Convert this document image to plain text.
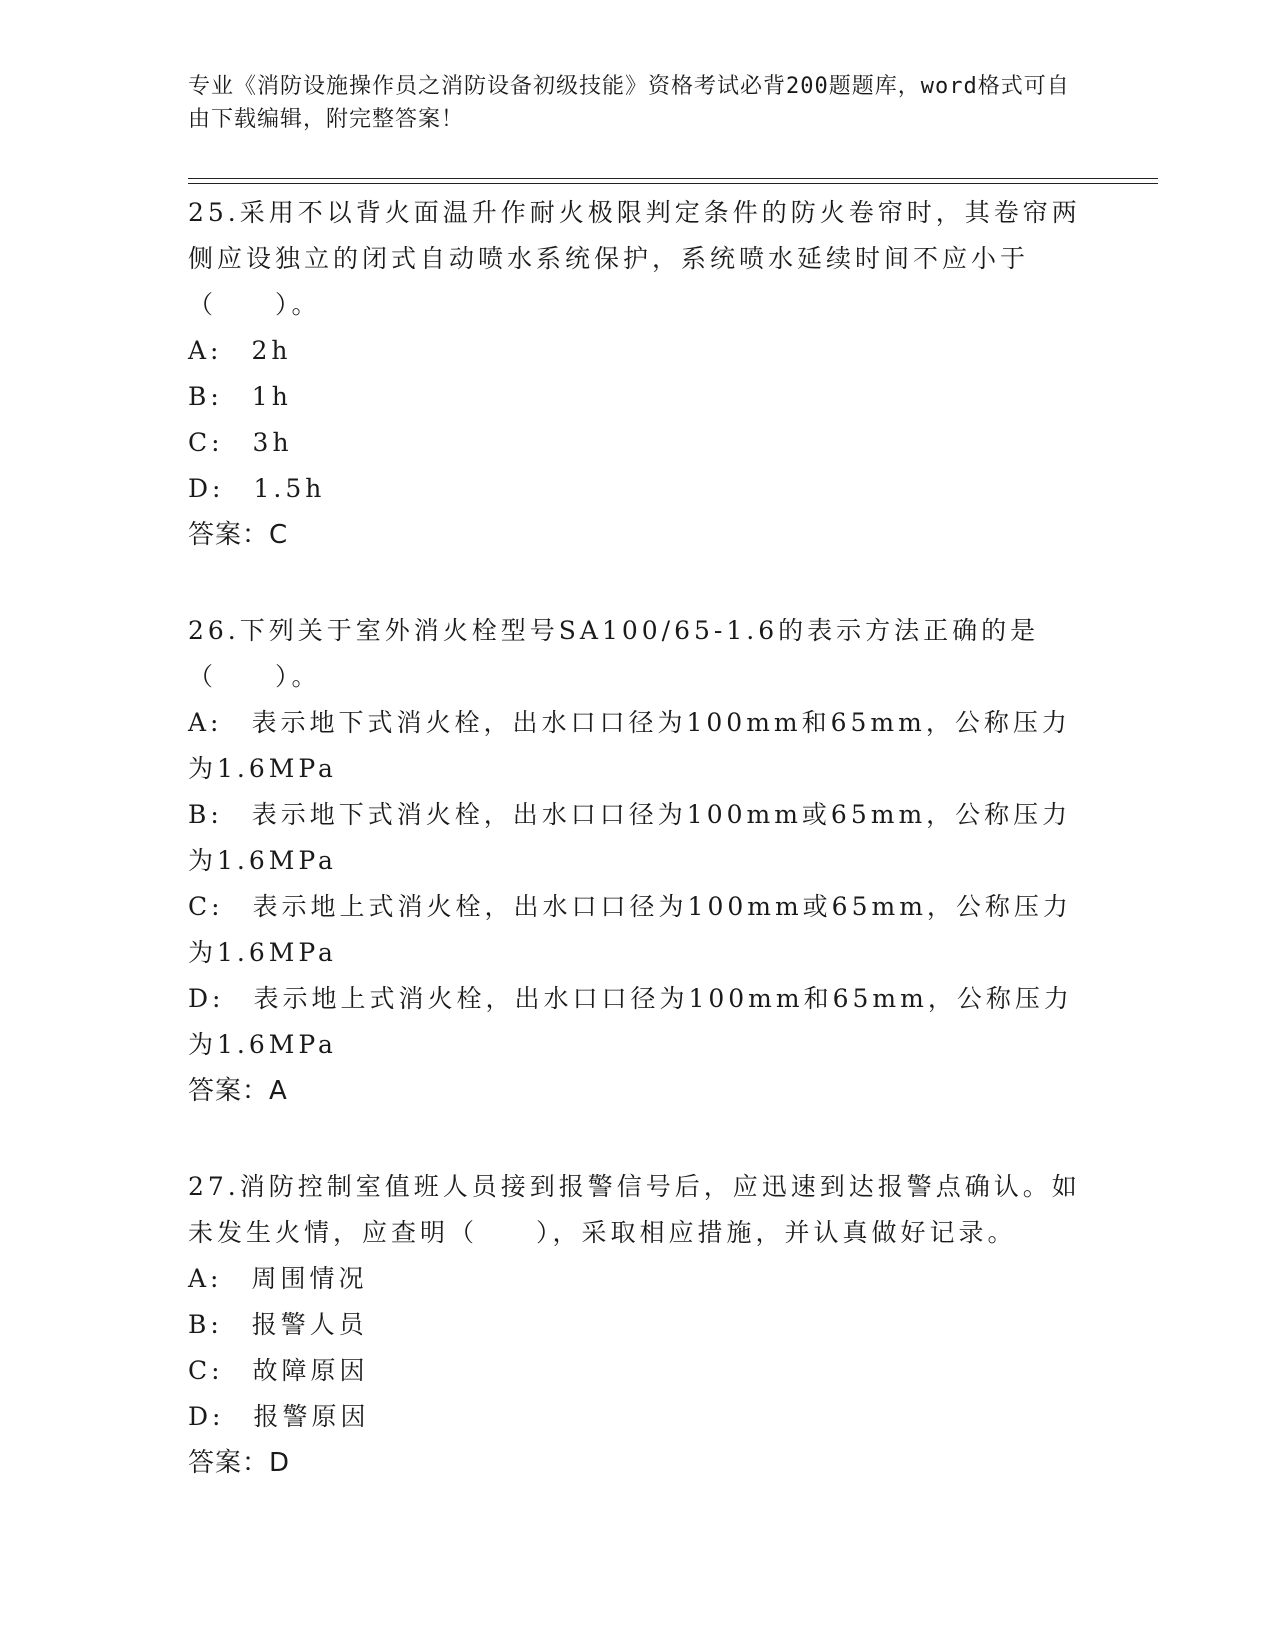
专业《消防设施操作员之消防设备初级技能》资格考试必背200题题库，word格式可自由下载编辑，附完整答案！

25.采用不以背火面温升作耐火极限判定条件的防火卷帘时，其卷帘两侧应设独立的闭式自动喷水系统保护，系统喷水延续时间不应小于（　　）。

A:　2h

B:　1h

C:　3h

D:　1.5h

答案：C

26.下列关于室外消火栓型号SA100/65-1.6的表示方法正确的是（　　）。

A:　表示地下式消火栓，出水口口径为100mm和65mm，公称压力为1.6MPa

B:　表示地下式消火栓，出水口口径为100mm或65mm，公称压力为1.6MPa

C:　表示地上式消火栓，出水口口径为100mm或65mm，公称压力为1.6MPa

D:　表示地上式消火栓，出水口口径为100mm和65mm，公称压力为1.6MPa

答案：A

27.消防控制室值班人员接到报警信号后，应迅速到达报警点确认。如未发生火情，应查明（　　），采取相应措施，并认真做好记录。

A:　周围情况

B:　报警人员

C:　故障原因

D:　报警原因

答案：D
